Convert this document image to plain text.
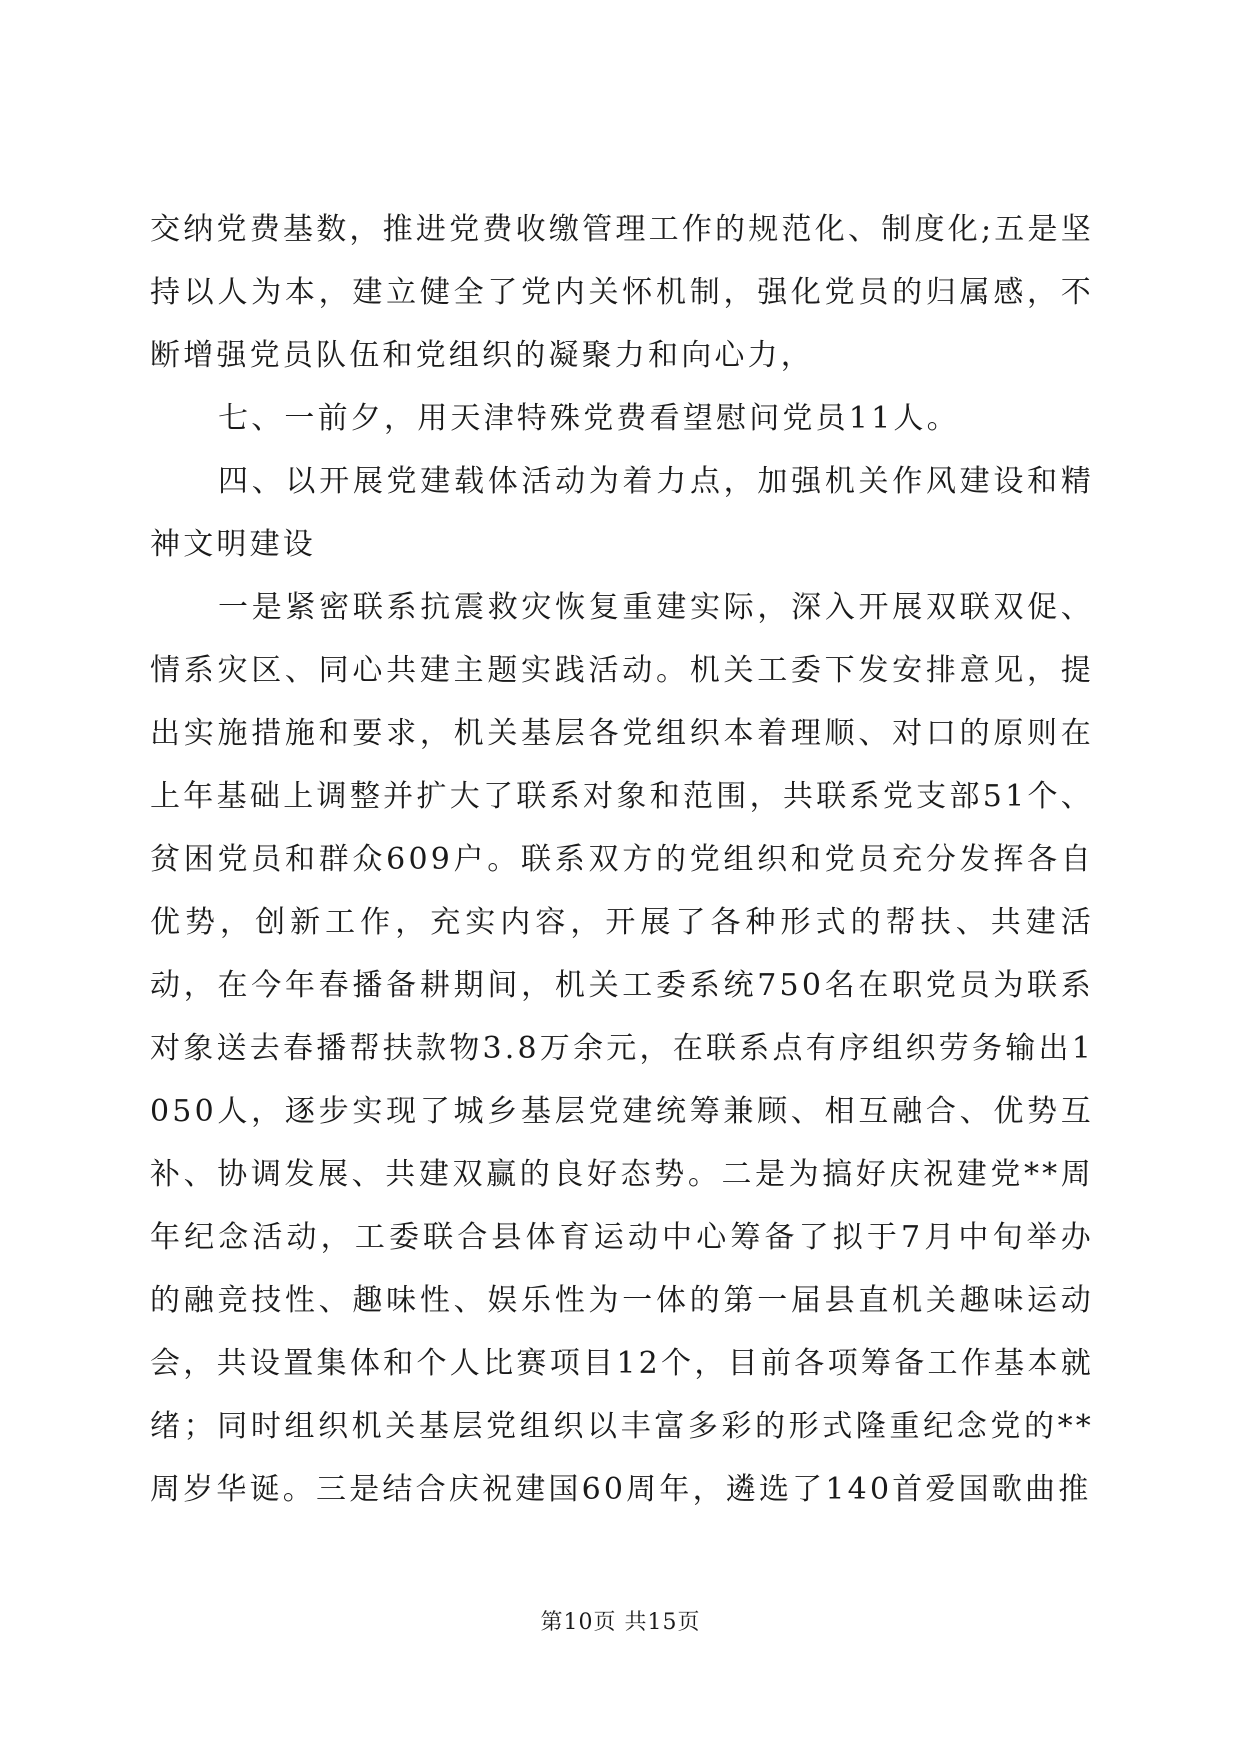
交纳党费基数，推进党费收缴管理工作的规范化、制度化;五是坚持以人为本，建立健全了党内关怀机制，强化党员的归属感，不断增强党员队伍和党组织的凝聚力和向心力，

七、一前夕，用天津特殊党费看望慰问党员11人。

四、以开展党建载体活动为着力点，加强机关作风建设和精神文明建设

一是紧密联系抗震救灾恢复重建实际，深入开展双联双促、情系灾区、同心共建主题实践活动。机关工委下发安排意见，提出实施措施和要求，机关基层各党组织本着理顺、对口的原则在上年基础上调整并扩大了联系对象和范围，共联系党支部51个、贫困党员和群众609户。联系双方的党组织和党员充分发挥各自优势，创新工作，充实内容，开展了各种形式的帮扶、共建活动，在今年春播备耕期间，机关工委系统750名在职党员为联系对象送去春播帮扶款物3.8万余元，在联系点有序组织劳务输出1050人，逐步实现了城乡基层党建统筹兼顾、相互融合、优势互补、协调发展、共建双赢的良好态势。二是为搞好庆祝建党**周年纪念活动，工委联合县体育运动中心筹备了拟于7月中旬举办的融竞技性、趣味性、娱乐性为一体的第一届县直机关趣味运动会，共设置集体和个人比赛项目12个，目前各项筹备工作基本就绪；同时组织机关基层党组织以丰富多彩的形式隆重纪念党的**周岁华诞。三是结合庆祝建国60周年，遴选了140首爱国歌曲推

第10页 共15页
